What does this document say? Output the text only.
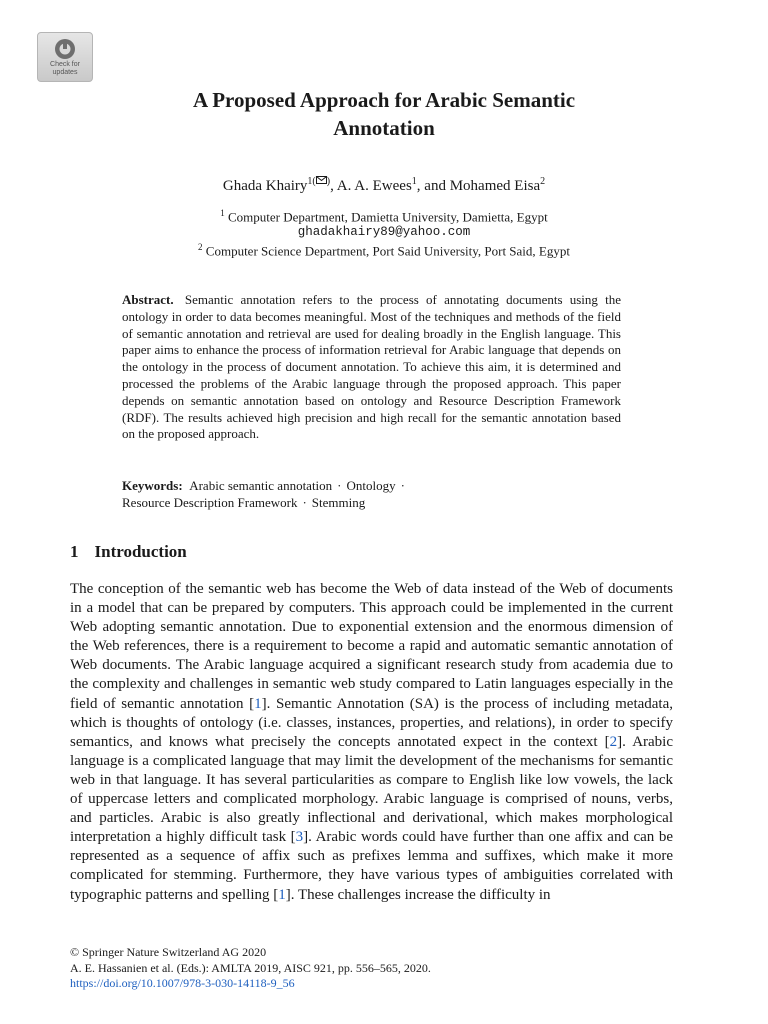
Check for
updates
A Proposed Approach for Arabic Semantic
Annotation
Ghada Khairy$^{1( )}$, A. A. Ewees$^1$, and Mohamed Eisa$^2$
$^1$ Computer Department, Damietta University, Damietta, Egypt
ghadakhairy89@yahoo.com
$^2$ Computer Science Department, Port Said University, Port Said, Egypt

Abstract. Semantic annotation refers to the process of annotating documents using the ontology in order to data becomes meaningful. Most of the techniques and methods of the field of semantic annotation and retrieval are used for dealing broadly in the English language. This paper aims to enhance the process of information retrieval for Arabic language that depends on the ontology in the process of document annotation. To achieve this aim, it is determined and processed the problems of the Arabic language through the proposed approach. This paper depends on semantic annotation based on ontology and Resource Description Framework (RDF). The results achieved high precision and high recall for the semantic annotation based on the proposed approach.

Keywords: Arabic semantic annotation · Ontology ·
Resource Description Framework · Stemming

1 Introduction

The conception of the semantic web has become the Web of data instead of the Web of documents in a model that can be prepared by computers. This approach could be implemented in the current Web adopting semantic annotation. Due to exponential extension and the enormous dimension of the Web references, there is a requirement to become a rapid and automatic semantic annotation of Web documents. The Arabic language acquired a significant research study from academia due to the complexity and challenges in semantic web study compared to Latin languages especially in the field of semantic annotation [1]. Semantic Annotation (SA) is the process of including metadata, which is thoughts of ontology (i.e. classes, instances, properties, and relations), in order to specify semantics, and knows what precisely the concepts annotated expect in the context [2]. Arabic language is a complicated language that may limit the development of the mechanisms for semantic web in that language. It has several particularities as compare to English like low vowels, the lack of uppercase letters and complicated morphology. Arabic language is comprised of nouns, verbs, and particles. Arabic is also greatly inflectional and derivational, which makes morphological interpretation a highly difficult task [3]. Arabic words could have further than one affix and can be represented as a sequence of affix such as prefixes lemma and suffixes, which make it more complicated for stemming. Furthermore, they have various types of ambiguities correlated with typographic patterns and spelling [1]. These challenges increase the difficulty in

© Springer Nature Switzerland AG 2020
A. E. Hassanien et al. (Eds.): AMLTA 2019, AISC 921, pp. 556–565, 2020.
https://doi.org/10.1007/978-3-030-14118-9_56
